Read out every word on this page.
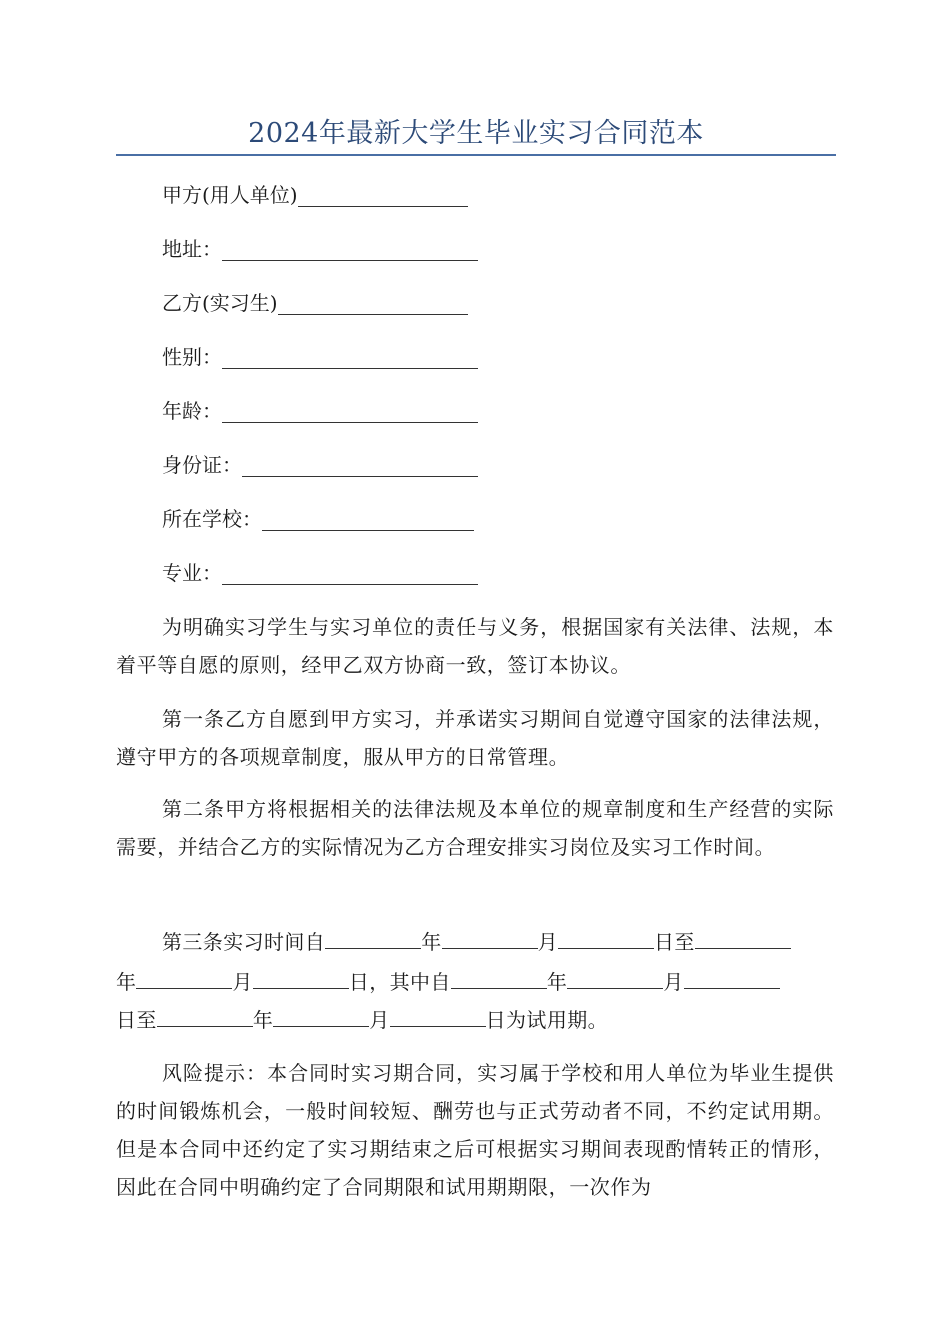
2024年最新大学生毕业实习合同范本
甲方(用人单位)
地址：
乙方(实习生)
性别：
年龄：
身份证：
所在学校：
专业：
为明确实习学生与实习单位的责任与义务，根据国家有关法律、法规，本着平等自愿的原则，经甲乙双方协商一致，签订本协议。
第一条乙方自愿到甲方实习，并承诺实习期间自觉遵守国家的法律法规，遵守甲方的各项规章制度，服从甲方的日常管理。
第二条甲方将根据相关的法律法规及本单位的规章制度和生产经营的实际需要，并结合乙方的实际情况为乙方合理安排实习岗位及实习工作时间。
第三条实习时间自	年	月	日至
年	月	日，其中自	年	月
日至	年	月	日为试用期。
风险提示：本合同时实习期合同，实习属于学校和用人单位为毕业生提供的时间锻炼机会，一般时间较短、酬劳也与正式劳动者不同，不约定试用期。但是本合同中还约定了实习期结束之后可根据实习期间表现酌情转正的情形，因此在合同中明确约定了合同期限和试用期期限，一次作为
